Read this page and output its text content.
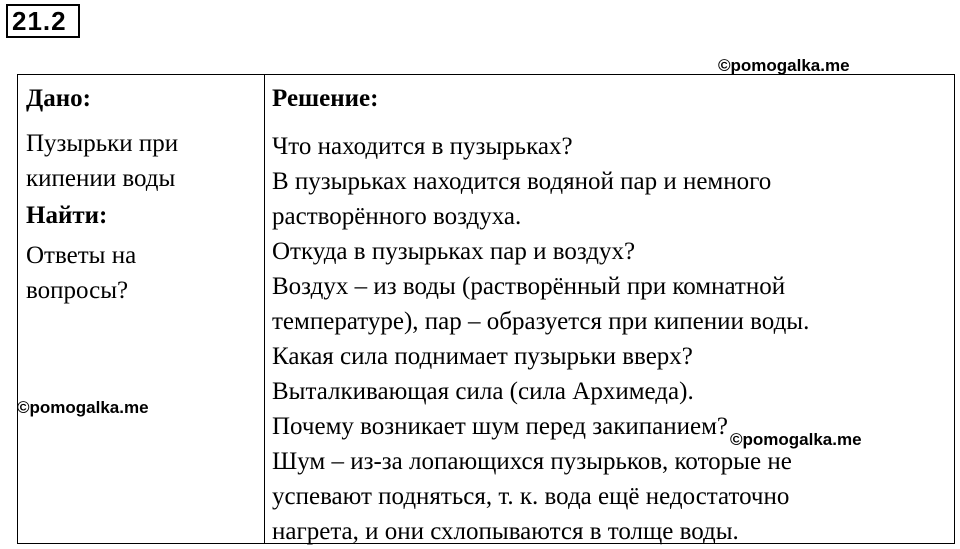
21.2
©pomogalka.me
Дано:
Пузырьки при
кипении воды
Найти:
Ответы на
вопросы?
Решение:
Что находится в пузырьках?
В пузырьках находится водяной пар и немного
растворённого воздуха.
Откуда в пузырьках пар и воздух?
Воздух – из воды (растворённый при комнатной
температуре), пар – образуется при кипении воды.
Какая сила поднимает пузырьки вверх?
Выталкивающая сила (сила Архимеда).
Почему возникает шум перед закипанием?
Шум – из-за лопающихся пузырьков, которые не
успевают подняться, т. к. вода ещё недостаточно
нагрета, и они схлопываются в толще воды.
©pomogalka.me
©pomogalka.me
